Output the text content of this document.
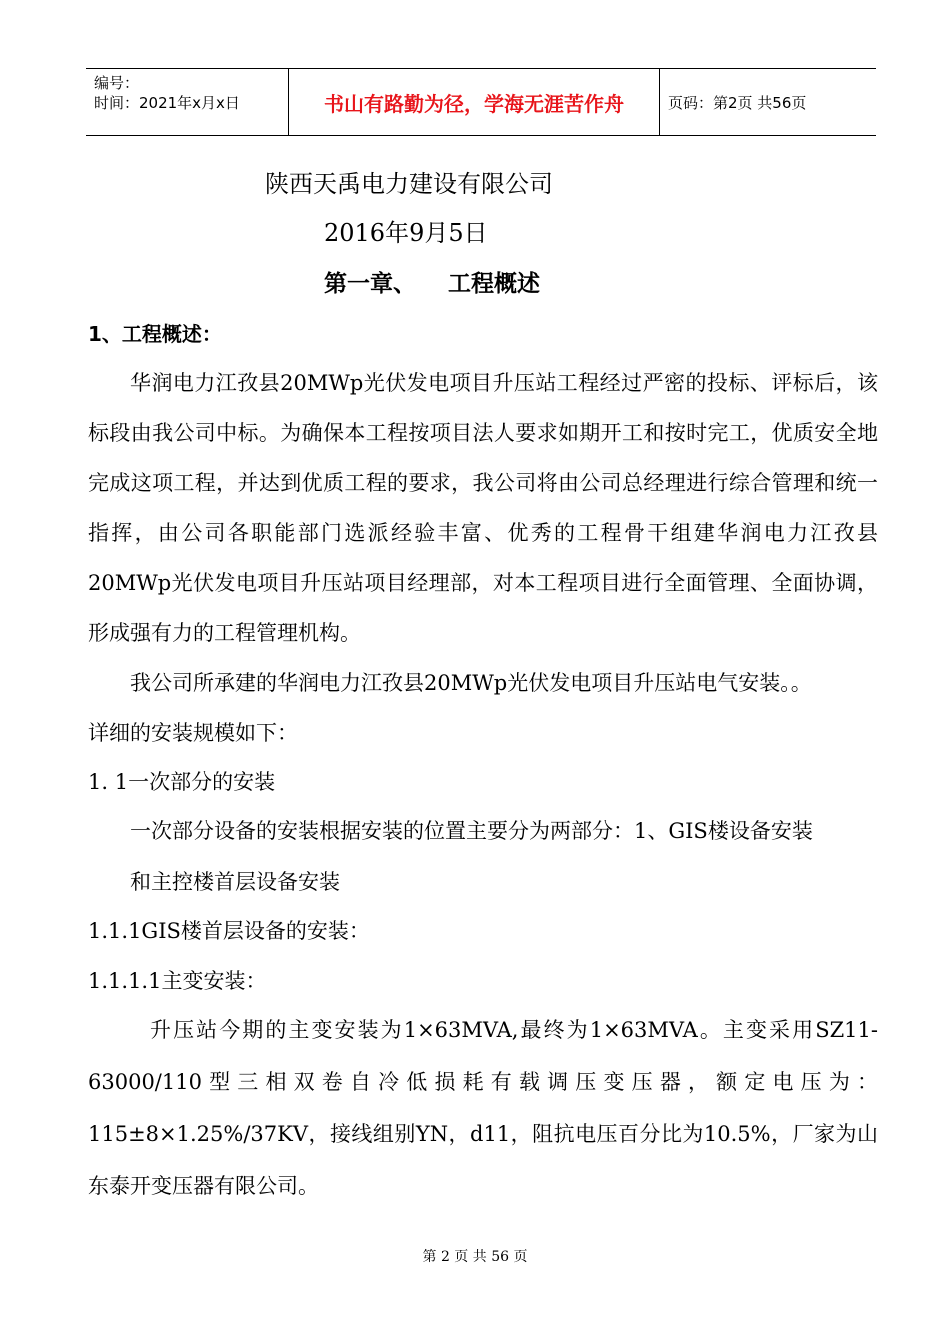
编号：
时间：2021年x月x日	书山有路勤为径，学海无涯苦作舟	页码：第2页 共56页
陕西天禹电力建设有限公司
2016年9月5日
第一章、    工程概述
1、工程概述：
华润电力江孜县20MWp光伏发电项目升压站工程经过严密的投标、评标后，该标段由我公司中标。为确保本工程按项目法人要求如期开工和按时完工，优质安全地完成这项工程，并达到优质工程的要求，我公司将由公司总经理进行综合管理和统一指挥，由公司各职能部门选派经验丰富、优秀的工程骨干组建华润电力江孜县20MWp光伏发电项目升压站项目经理部，对本工程项目进行全面管理、全面协调，形成强有力的工程管理机构。
我公司所承建的华润电力江孜县20MWp光伏发电项目升压站电气安装。。
详细的安装规模如下：
1. 1一次部分的安装
一次部分设备的安装根据安装的位置主要分为两部分：1、GIS楼设备安装
和主控楼首层设备安装
1.1.1GIS楼首层设备的安装：
1.1.1.1主变安装：
升压站今期的主变安装为1×63MVA,最终为1×63MVA。主变采用SZ11-63000/110型三相双卷自冷低损耗有载调压变压器，额定电压为：115±8×1.25%/37KV，接线组别YN，d11，阻抗电压百分比为10.5%，厂家为山东泰开变压器有限公司。
第 2 页 共 56 页
